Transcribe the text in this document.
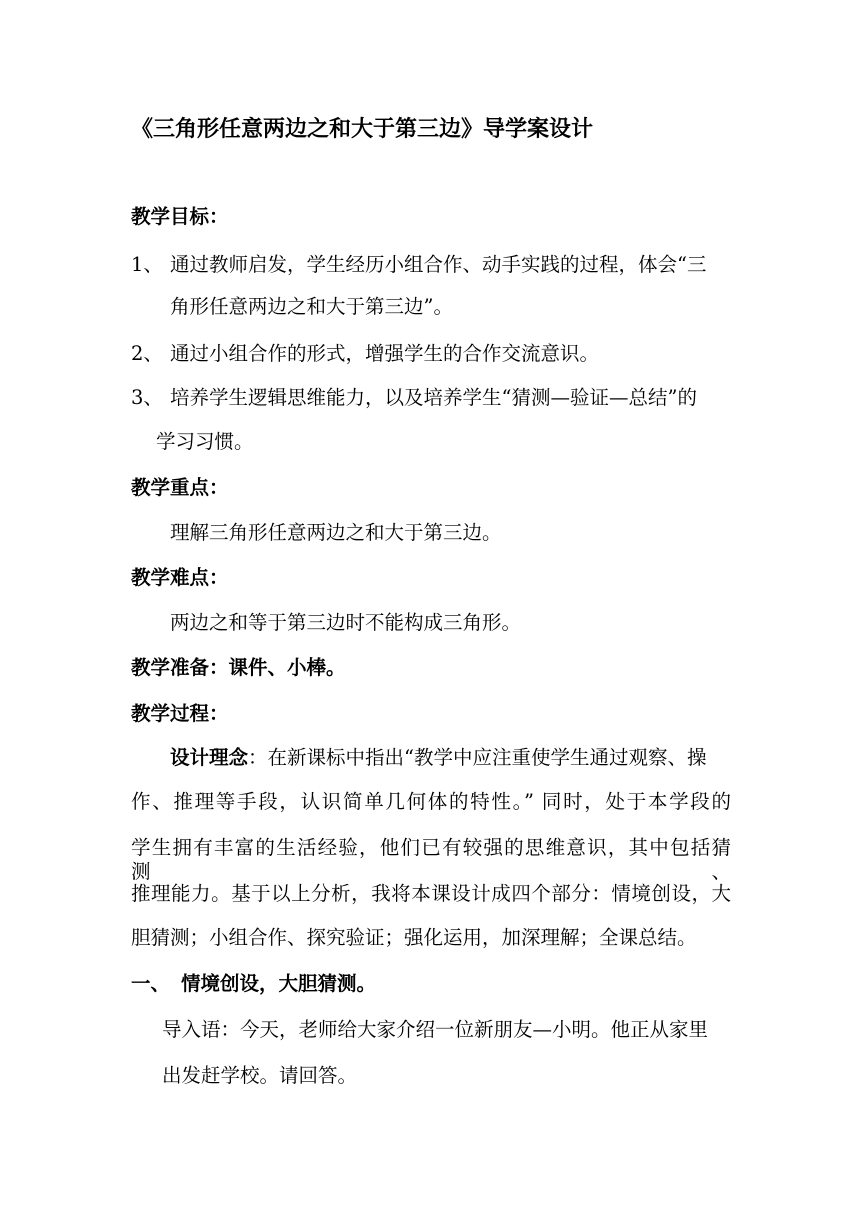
《三角形任意两边之和大于第三边》导学案设计
教学目标：
1、 通过教师启发，学生经历小组合作、动手实践的过程，体会“三
角形任意两边之和大于第三边”。
2、 通过小组合作的形式，增强学生的合作交流意识。
3、 培养学生逻辑思维能力，以及培养学生“猜测—验证—总结”的
学习习惯。
教学重点：
理解三角形任意两边之和大于第三边。
教学难点：
两边之和等于第三边时不能构成三角形。
教学准备：课件、小棒。
教学过程：
设计理念：在新课标中指出“教学中应注重使学生通过观察、操
作、推理等手段，认识简单几何体的特性。” 同时，处于本学段的
学生拥有丰富的生活经验，他们已有较强的思维意识，其中包括猜测、
推理能力。基于以上分析，我将本课设计成四个部分：情境创设，大
胆猜测；小组合作、探究验证；强化运用，加深理解；全课总结。
一、 情境创设，大胆猜测。
导入语：今天，老师给大家介绍一位新朋友—小明。他正从家里
出发赶学校。请回答。
